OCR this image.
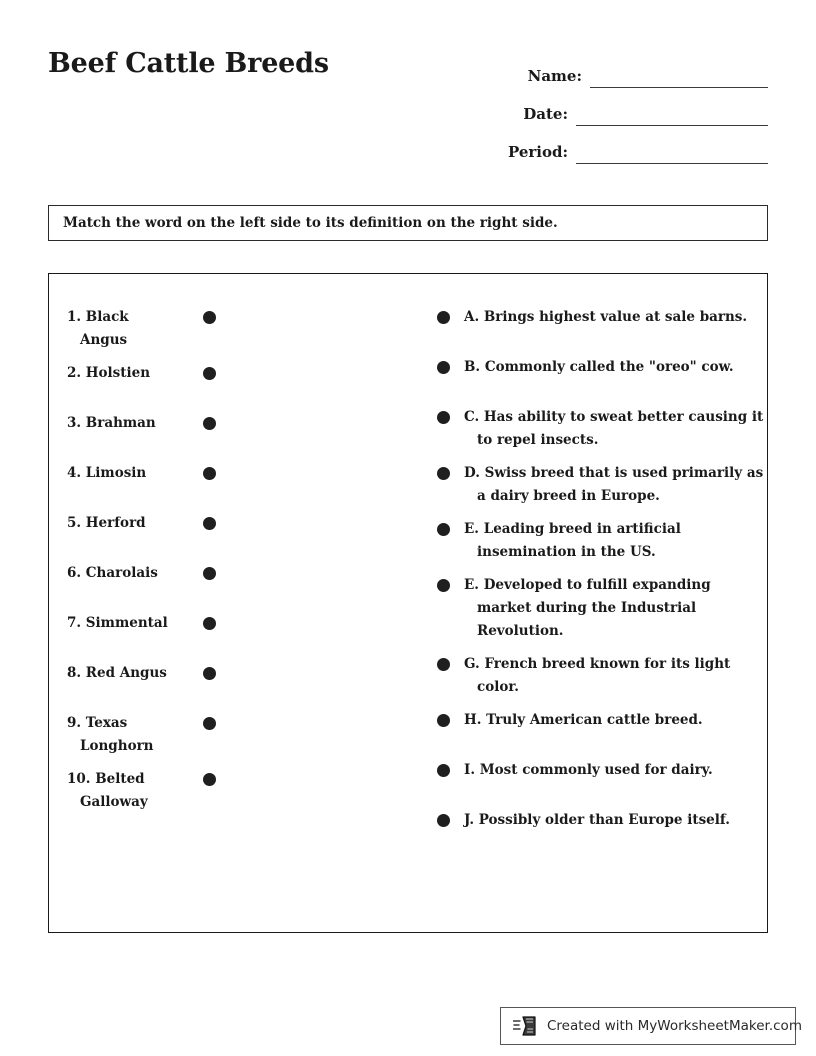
Beef Cattle Breeds	Name:
Date:
Period:
Match the word on the left side to its definition on the right side.
1. Black
Angus
2. Holstien
3. Brahman
4. Limosin
5. Herford
6. Charolais
7. Simmental
8. Red Angus
9. Texas
Longhorn
10. Belted
Galloway
A. Brings highest value at sale barns.
B. Commonly called the "oreo" cow.
C. Has ability to sweat better causing it to repel insects.
D. Swiss breed that is used primarily as a dairy breed in Europe.
E. Leading breed in artificial insemination in the US.
E. Developed to fulfill expanding market during the Industrial Revolution.
G. French breed known for its light color.
H. Truly American cattle breed.
I. Most commonly used for dairy.
J. Possibly older than Europe itself.
Created with MyWorksheetMaker.com
